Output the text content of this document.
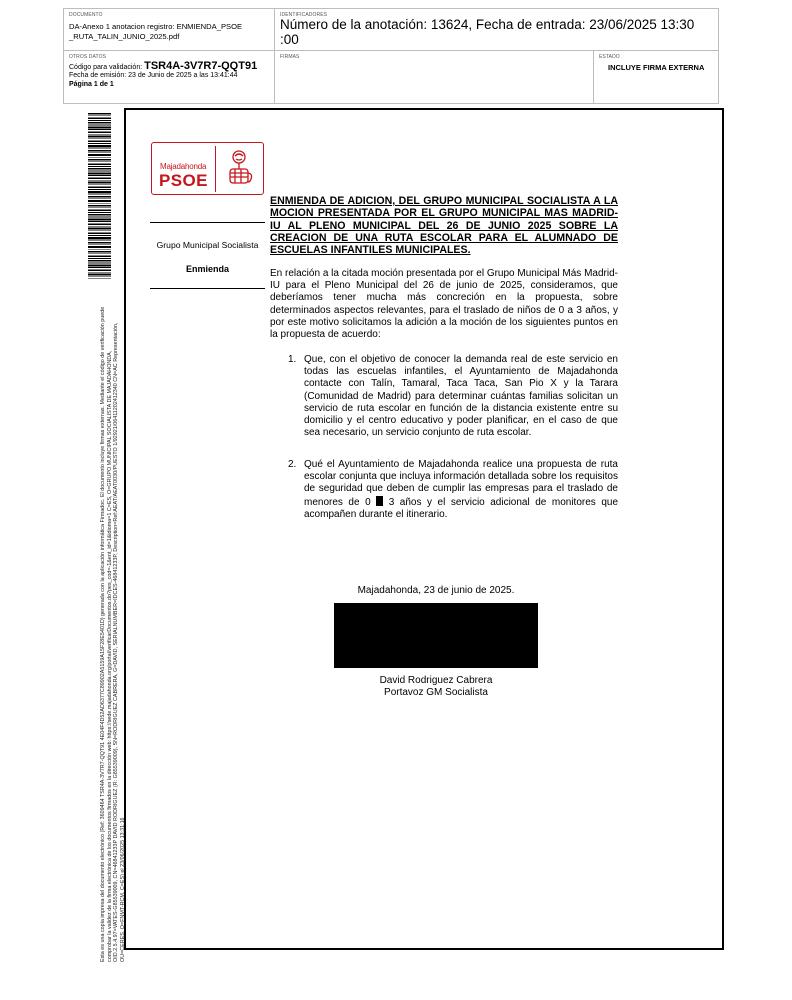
DOCUMENTO
DA-Anexo 1 anotacion registro: ENMIENDA_PSOE _RUTA_TALIN_JUNIO_2025.pdf
IDENTIFICADORES
Número de la anotación: 13624, Fecha de entrada: 23/06/2025 13:30 :00
OTROS DATOS
Código para validación: TSR4A-3V7R7-QQT91
Fecha de emisión: 23 de Junio de 2025 a las 13:41:44
Página 1 de 1
FIRMAS	ESTADO
INCLUYE FIRMA EXTERNA
Esta es una copia impresa del documento electrónico (Ref: 3609464 TSR4A-3V7R7-QQT91 4E04F4D52AD6377C89902A5159A15F28E5401D) generada con la aplicación informática Firmadoc. El documento incluye firmas externas. Mediante el código de verificación puede comprobar la validez de la firma electrónica de los documentos firmados en la dirección web: https://sede.majadahonda.org/portal/verificarDocumentos.do?pes_cod=-1&ent_id=1&idioma=1 C=ES, O=GRUPO MUNICIPAL SOCIALISTA DE MAJADAHONDA, OID.2.5.4.97=VATES-G85539009, CN=46841233P DAVID RODRIGUEZ (R: G85539009), SN=RODRIGUEZ CABRERA, G=DAVID, SERIALNUMBER=IDCES-46841233P, Description=Ref:AEAT/AEAT0030/PUESTO 1/92921/06411202412340 CN=AC Representación, OU=CERES, O=FNMT-RCM, C=ES) el 23/06/2025 13:31:16
Majadahonda
PSOE
Grupo Municipal Socialista
Enmienda
ENMIENDA DE ADICION, DEL GRUPO MUNICIPAL SOCIALISTA A LA MOCION PRESENTADA POR EL GRUPO MUNICIPAL MAS MADRID-IU AL PLENO MUNICIPAL DEL 26 DE JUNIO 2025 SOBRE LA CREACION DE UNA RUTA ESCOLAR PARA EL ALUMNADO DE ESCUELAS INFANTILES MUNICIPALES.
En relación a la citada moción presentada por el Grupo Municipal Más Madrid-IU para el Pleno Municipal del 26 de junio de 2025, consideramos, que deberíamos tener mucha más concreción en la propuesta, sobre determinados aspectos relevantes, para el traslado de niños de 0 a 3 años, y por este motivo solicitamos la adición a la moción de los siguientes puntos en la propuesta de acuerdo:
1. Que, con el objetivo de conocer la demanda real de este servicio en todas las escuelas infantiles, el Ayuntamiento de Majadahonda contacte con Talín, Tamaral, Taca Taca, San Pio X y la Tarara (Comunidad de Madrid) para determinar cuántas familias solicitan un servicio de ruta escolar en función de la distancia existente entre su domicilio y el centro educativo y poder planificar, en el caso de que sea necesario, un servicio conjunto de ruta escolar.
2. Qué el Ayuntamiento de Majadahonda realice una propuesta de ruta escolar conjunta que incluya información detallada sobre los requisitos de seguridad que deben de cumplir las empresas para el traslado de menores de 0 3 años y el servicio adicional de monitores que acompañen durante el itinerario.
Majadahonda, 23 de junio de 2025.
David Rodriguez Cabrera
Portavoz GM Socialista
